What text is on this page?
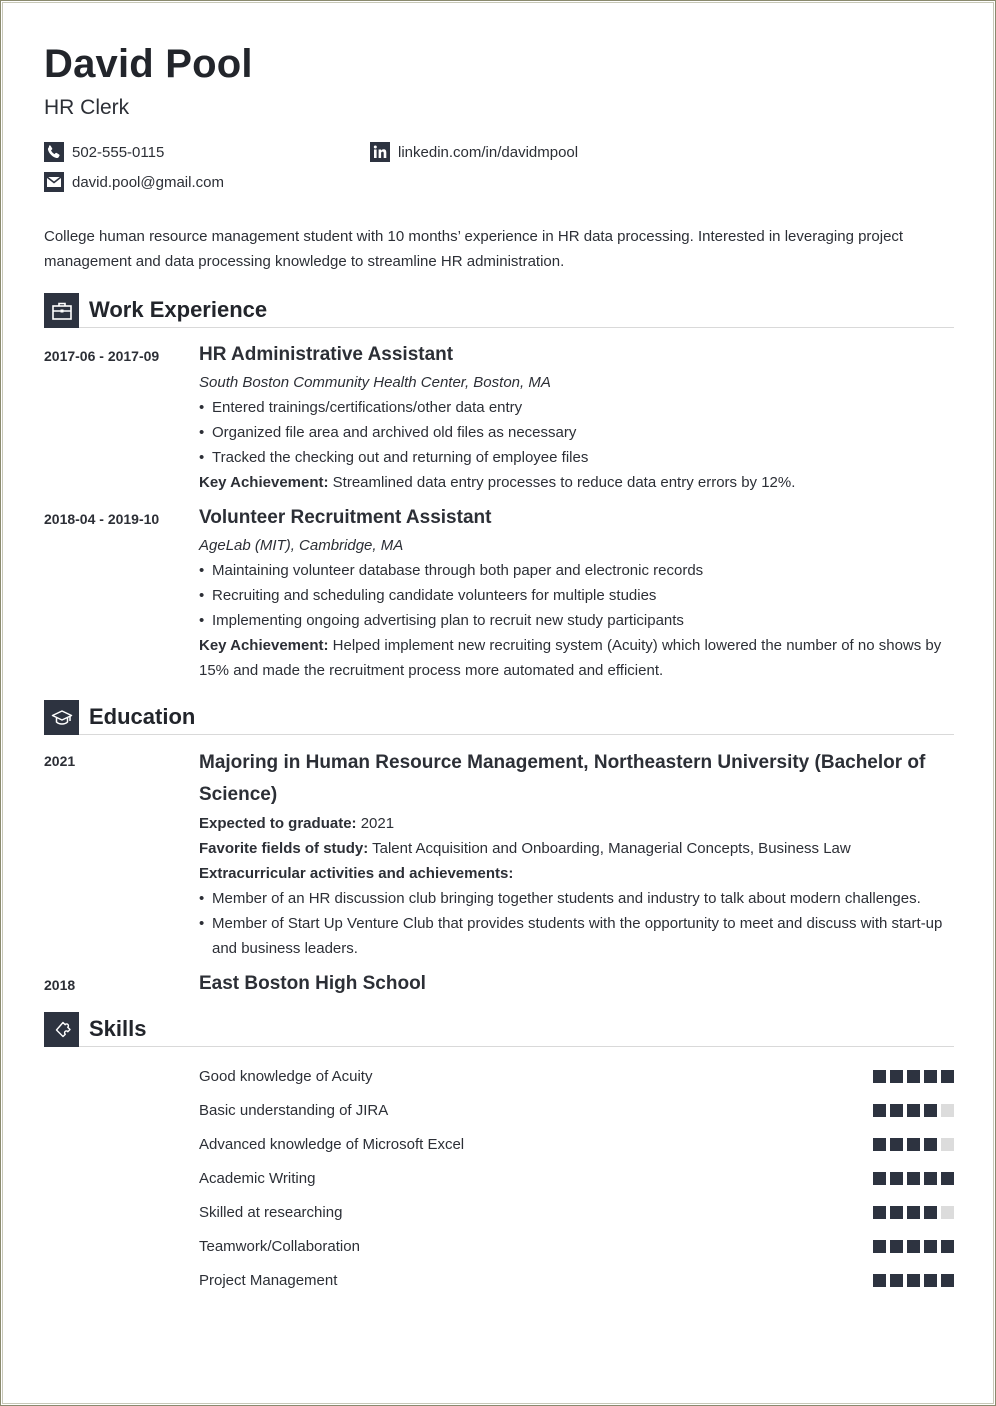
David Pool
HR Clerk
502-555-0115
david.pool@gmail.com
linkedin.com/in/davidmpool
College human resource management student with 10 months’ experience in HR data processing. Interested in leveraging project management and data processing knowledge to streamline HR administration.
Work Experience
2017-06 - 2017-09	HR Administrative Assistant
South Boston Community Health Center, Boston, MA
• Entered trainings/certifications/other data entry
• Organized file area and archived old files as necessary
• Tracked the checking out and returning of employee files
Key Achievement: Streamlined data entry processes to reduce data entry errors by 12%.
2018-04 - 2019-10	Volunteer Recruitment Assistant
AgeLab (MIT), Cambridge, MA
• Maintaining volunteer database through both paper and electronic records
• Recruiting and scheduling candidate volunteers for multiple studies
• Implementing ongoing advertising plan to recruit new study participants
Key Achievement: Helped implement new recruiting system (Acuity) which lowered the number of no shows by 15% and made the recruitment process more automated and efficient.
Education
2021	Majoring in Human Resource Management, Northeastern University (Bachelor of Science)
Expected to graduate: 2021
Favorite fields of study: Talent Acquisition and Onboarding, Managerial Concepts, Business Law
Extracurricular activities and achievements:
• Member of an HR discussion club bringing together students and industry to talk about modern challenges.
• Member of Start Up Venture Club that provides students with the opportunity to meet and discuss with start-up and business leaders.
2018	East Boston High School
Skills
Good knowledge of Acuity
Basic understanding of JIRA
Advanced knowledge of Microsoft Excel
Academic Writing
Skilled at researching
Teamwork/Collaboration
Project Management
